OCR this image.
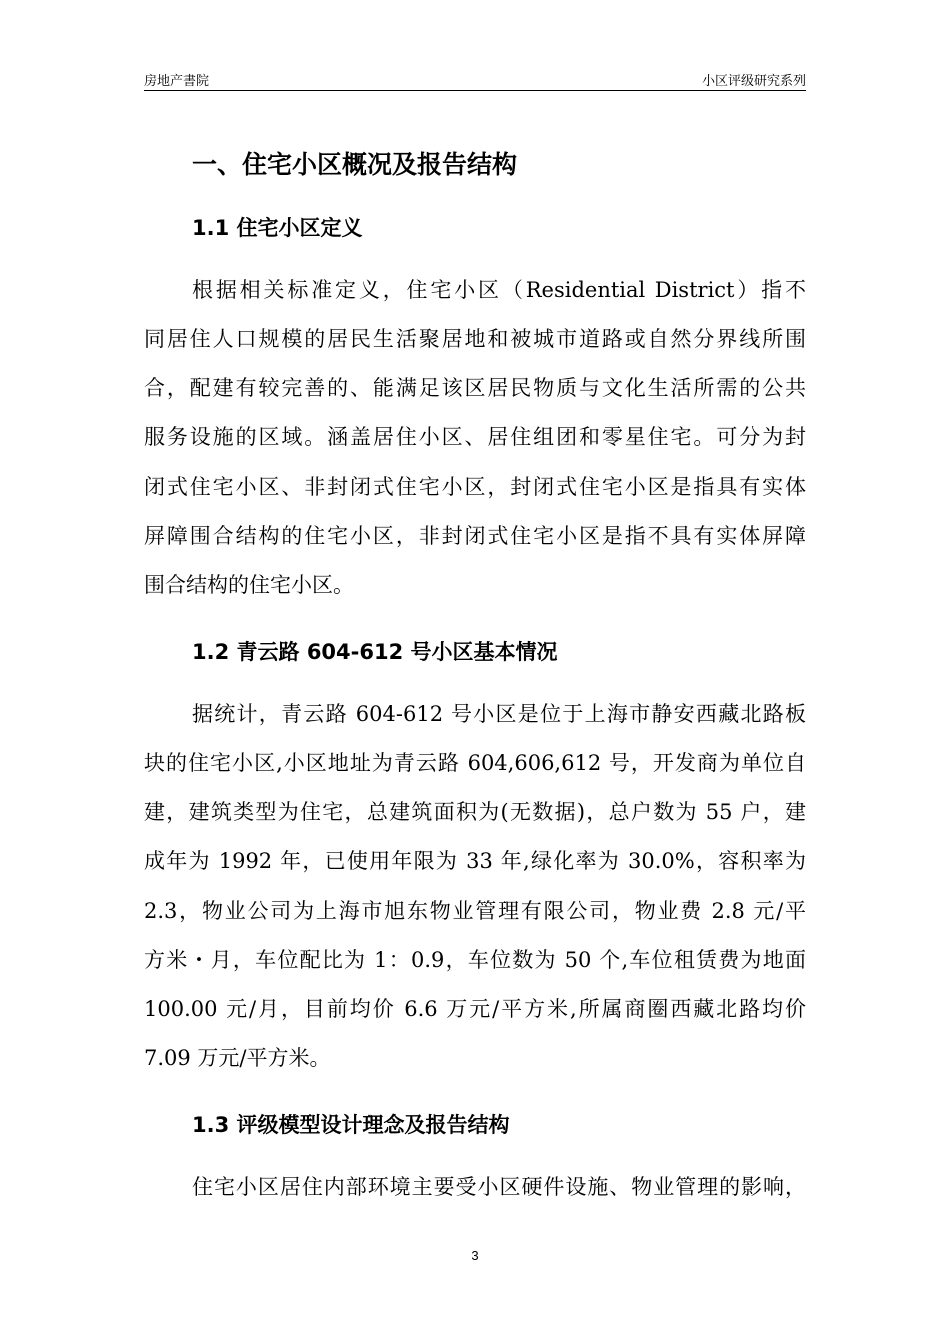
房地产書院	小区评级研究系列
一、住宅小区概况及报告结构
1.1 住宅小区定义
根据相关标准定义，住宅小区（Residential District）指不
同居住人口规模的居民生活聚居地和被城市道路或自然分界线所围
合，配建有较完善的、能满足该区居民物质与文化生活所需的公共
服务设施的区域。涵盖居住小区、居住组团和零星住宅。可分为封
闭式住宅小区、非封闭式住宅小区，封闭式住宅小区是指具有实体
屏障围合结构的住宅小区，非封闭式住宅小区是指不具有实体屏障
围合结构的住宅小区。
1.2 青云路 604-612 号小区基本情况
据统计，青云路 604-612 号小区是位于上海市静安西藏北路板
块的住宅小区,小区地址为青云路 604,606,612 号，开发商为单位自
建，建筑类型为住宅，总建筑面积为(无数据)，总户数为 55 户，建
成年为 1992 年，已使用年限为 33 年,绿化率为 30.0%，容积率为
2.3，物业公司为上海市旭东物业管理有限公司，物业费 2.8 元/平
方米・月，车位配比为 1：0.9，车位数为 50 个,车位租赁费为地面
100.00 元/月，目前均价 6.6 万元/平方米,所属商圈西藏北路均价
7.09 万元/平方米。
1.3 评级模型设计理念及报告结构
住宅小区居住内部环境主要受小区硬件设施、物业管理的影响，
3
